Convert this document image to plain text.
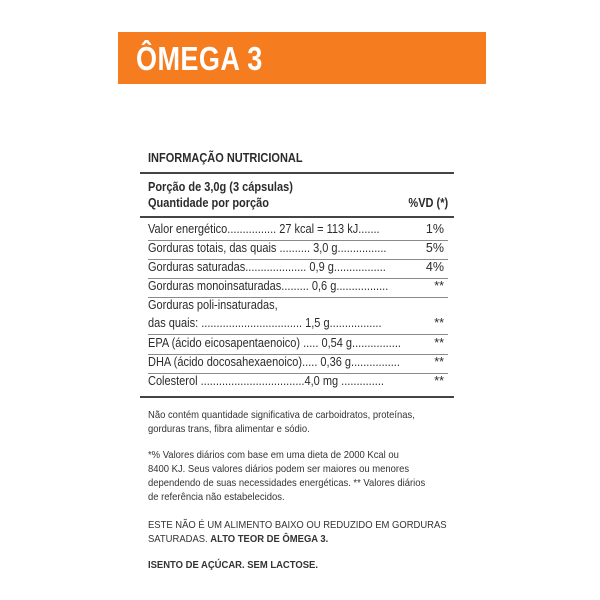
ÔMEGA 3
INFORMAÇÃO NUTRICIONAL
Porção de 3,0g (3 cápsulas)
Quantidade por porção	%VD (*)
Valor energético................ 27 kcal = 113 kJ.......	1%
Gorduras totais, das quais .......... 3,0 g................	5%
Gorduras saturadas.................... 0,9 g.................	4%
Gorduras monoinsaturadas......... 0,6 g.................	**
Gorduras poli-insaturadas,
das quais: ................................. 1,5 g.................	**
EPA (ácido eicosapentaenoico) ..... 0,54 g................	**
DHA (ácido docosahexaenoico)..... 0,36 g................	**
Colesterol ..................................4,0 mg ..............	**
Não contém quantidade significativa de carboidratos, proteínas,
gorduras trans, fibra alimentar e sódio.
*% Valores diários com base em uma dieta de 2000 Kcal ou
8400 KJ. Seus valores diários podem ser maiores ou menores
dependendo de suas necessidades energéticas. ** Valores diários
de referência não estabelecidos.
ESTE NÃO É UM ALIMENTO BAIXO OU REDUZIDO EM GORDURAS
SATURADAS. ALTO TEOR DE ÔMEGA 3.
ISENTO DE AÇÚCAR. SEM LACTOSE.
